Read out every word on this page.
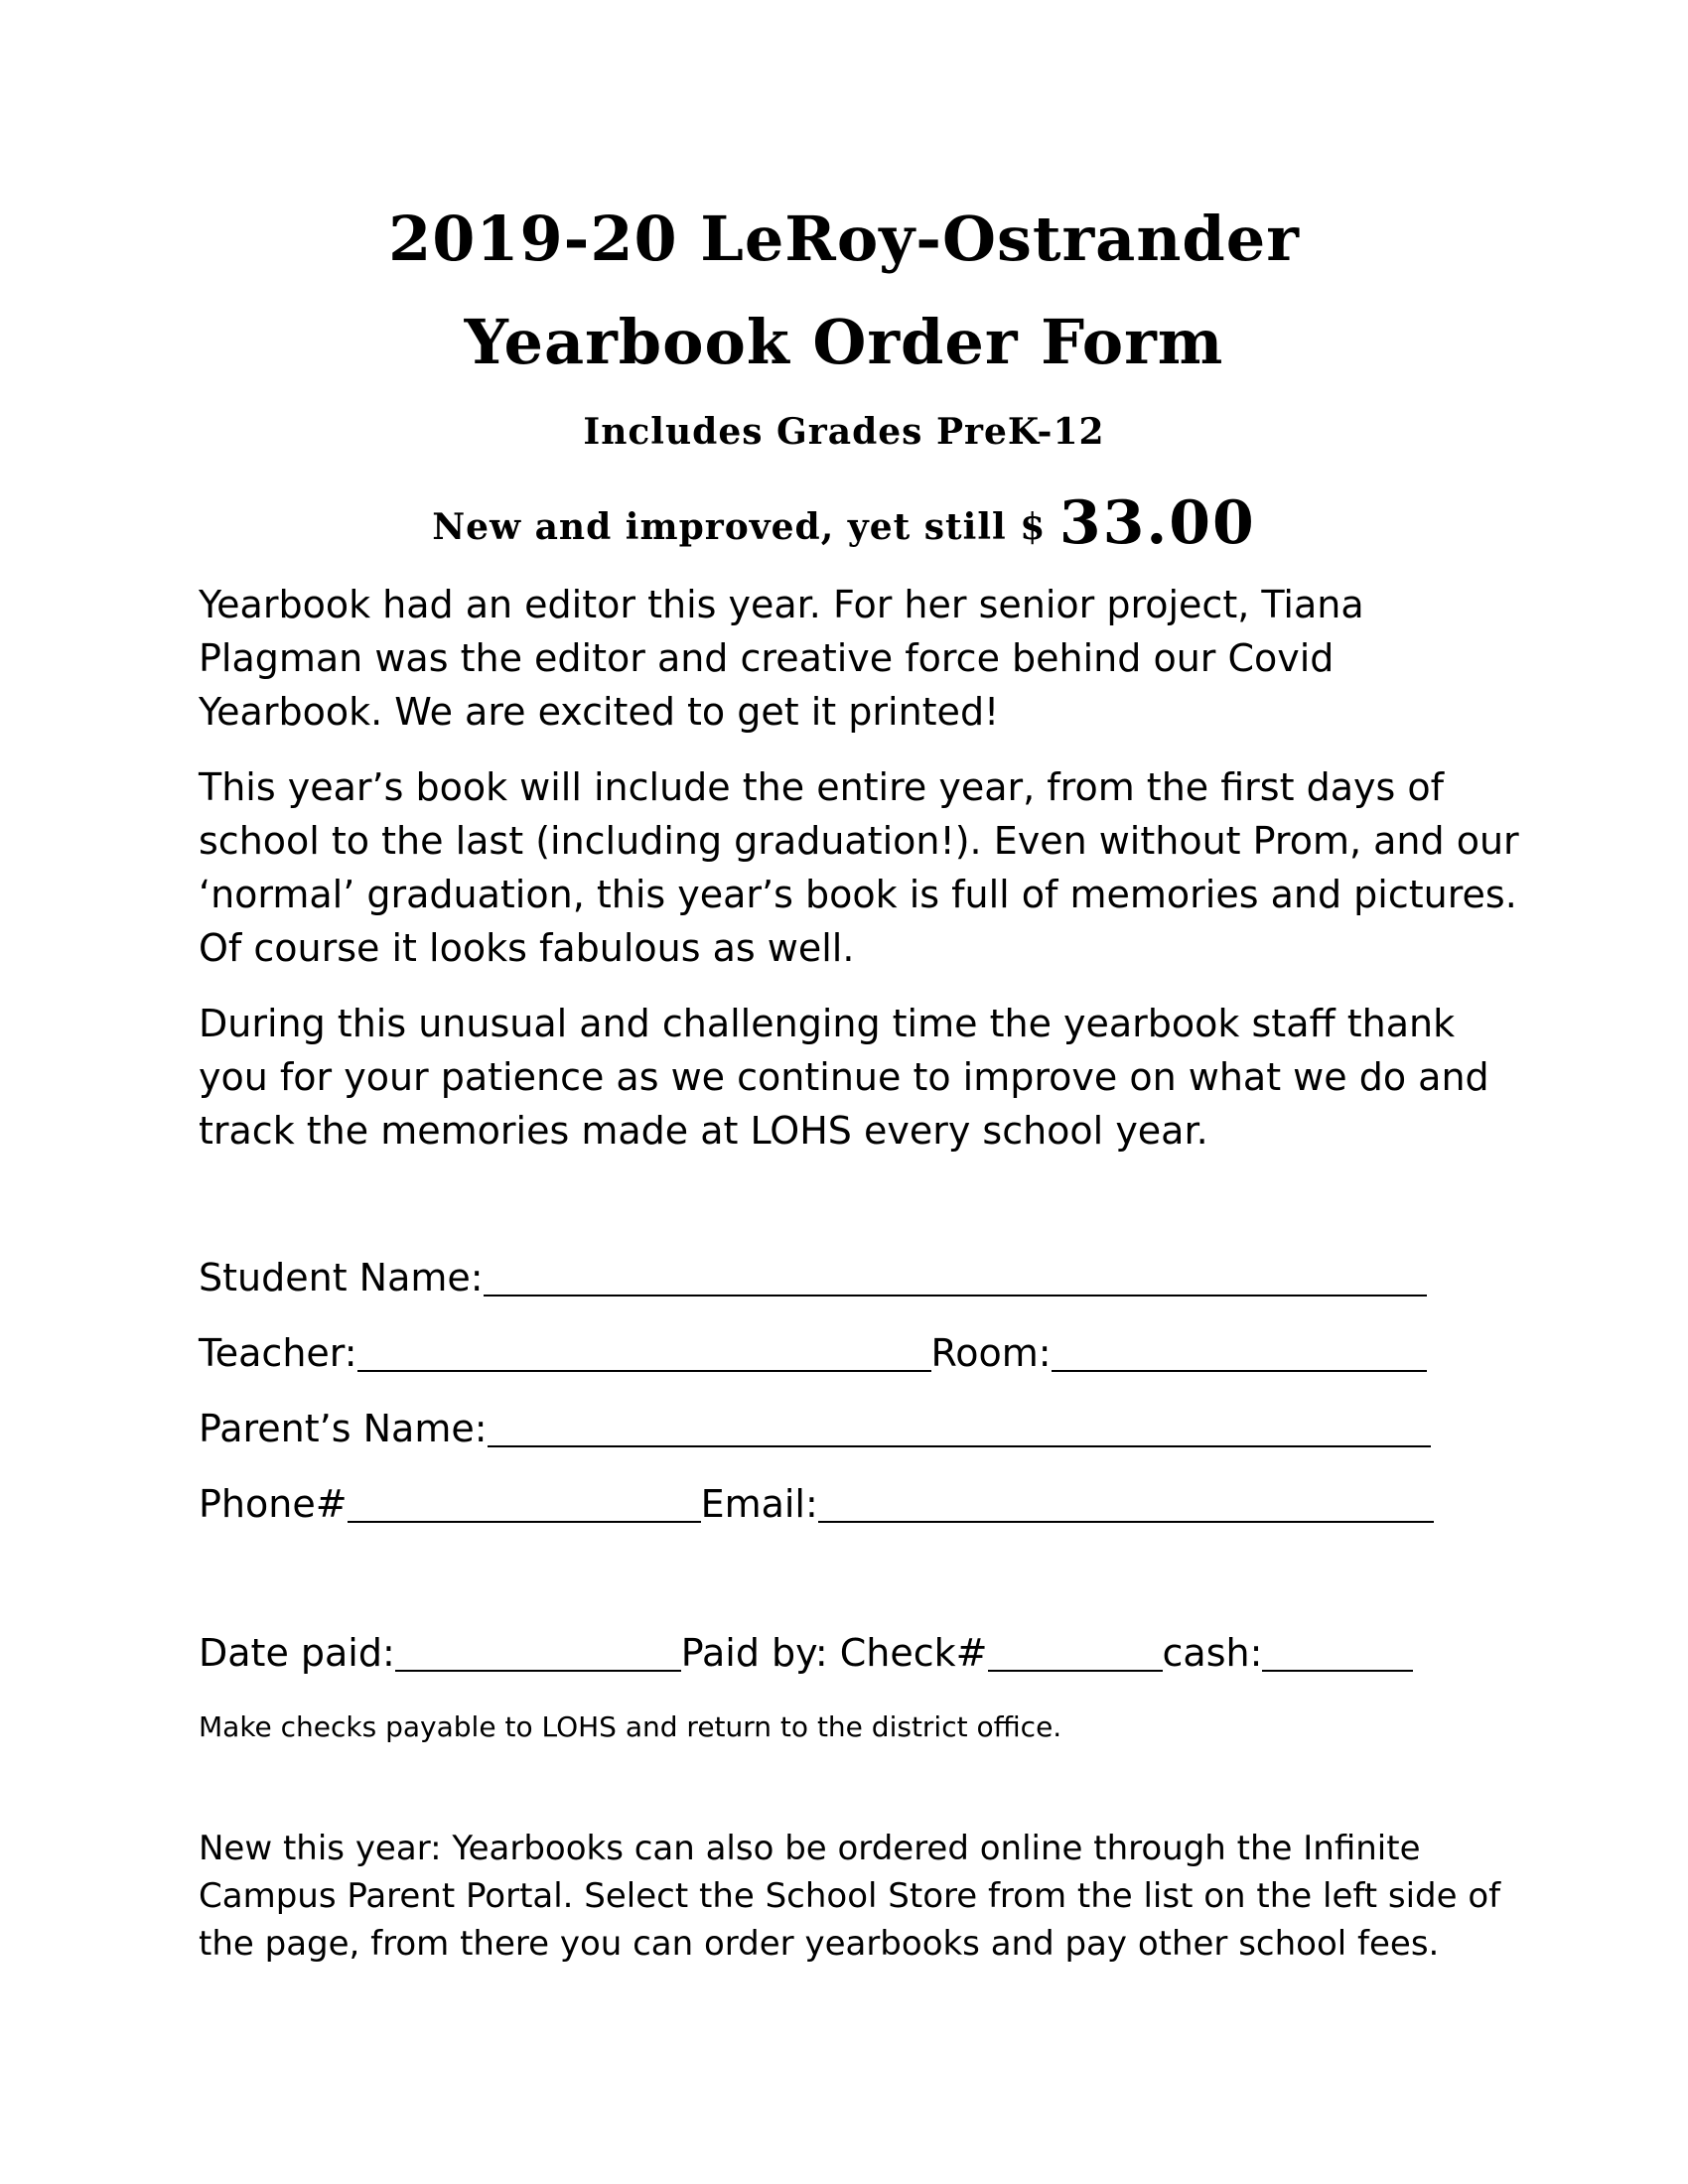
2019-20 LeRoy-Ostrander
Yearbook Order Form
Includes Grades PreK-12
New and improved, yet still $ 33.00

Yearbook had an editor this year. For her senior project, Tiana Plagman was the editor and creative force behind our Covid Yearbook. We are excited to get it printed!

This year’s book will include the entire year, from the first days of school to the last (including graduation!). Even without Prom, and our ‘normal’ graduation, this year’s book is full of memories and pictures. Of course it looks fabulous as well.

During this unusual and challenging time the yearbook staff thank you for your patience as we continue to improve on what we do and track the memories made at LOHS every school year.

Student Name:
Teacher:	Room:
Parent’s Name:
Phone#	Email:
Date paid:	Paid by: Check#	cash:
Make checks payable to LOHS and return to the district office.

New this year: Yearbooks can also be ordered online through the Infinite Campus Parent Portal. Select the School Store from the list on the left side of the page, from there you can order yearbooks and pay other school fees.
